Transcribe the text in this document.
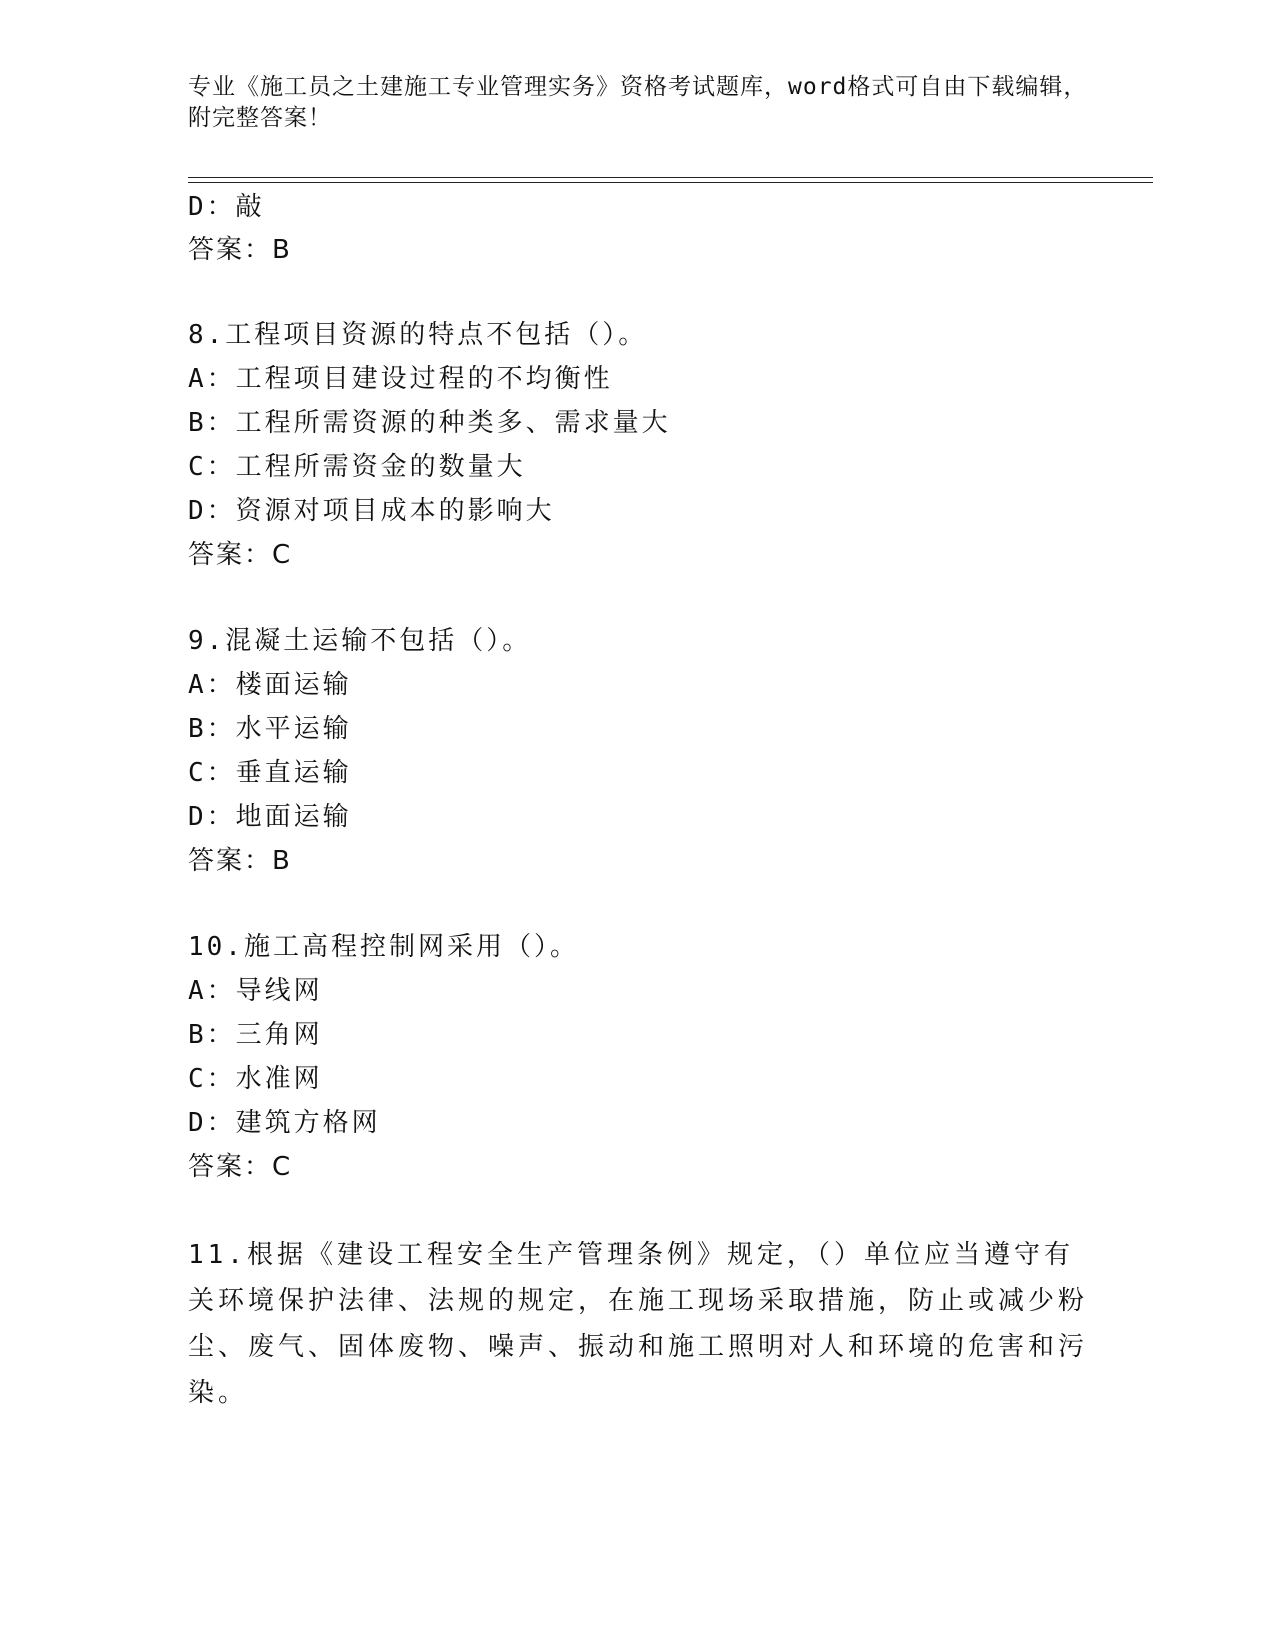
专业《施工员之土建施工专业管理实务》资格考试题库，word格式可自由下载编辑，附完整答案！
D：敲
答案：B
8.工程项目资源的特点不包括（）。
A：工程项目建设过程的不均衡性
B：工程所需资源的种类多、需求量大
C：工程所需资金的数量大
D：资源对项目成本的影响大
答案：C
9.混凝土运输不包括（）。
A：楼面运输
B：水平运输
C：垂直运输
D：地面运输
答案：B
10.施工高程控制网采用（）。
A：导线网
B：三角网
C：水准网
D：建筑方格网
答案：C
11.根据《建设工程安全生产管理条例》规定，（）单位应当遵守有关环境保护法律、法规的规定，在施工现场采取措施，防止或减少粉尘、废气、固体废物、噪声、振动和施工照明对人和环境的危害和污染。
